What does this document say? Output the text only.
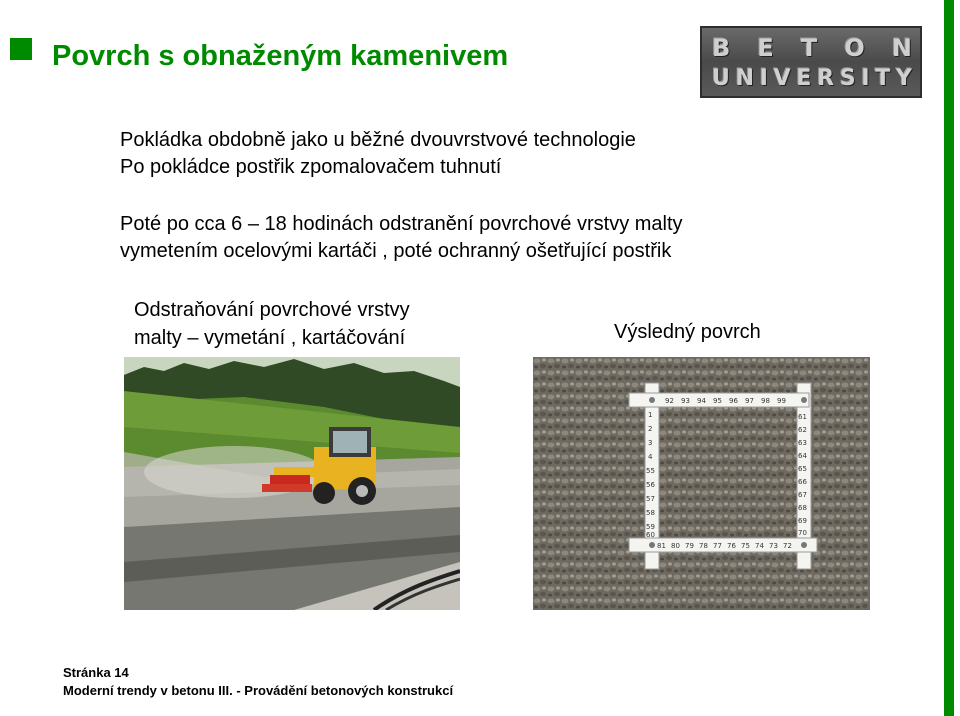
Povrch s obnaženým kamenivem	B E T O N
U N I V E R S I T Y
Pokládka obdobně jako u běžné dvouvrstvové technologie
Po pokládce postřik zpomalovačem tuhnutí
Poté po cca 6 – 18 hodinách odstranění povrchové vrstvy malty
vymetením ocelovými kartáči , poté ochranný ošetřující postřik
Odstraňování povrchové vrstvy
malty – vymetání , kartáčování	Výsledný povrch
92 93 94 95 96 97 98 99
81 80 79 78 77 76 75 74 73 72
1
2
3
4
55
56
57
58
59
60
61
62
63
64
65
66
67
68
69
70
Stránka 14
Moderní trendy v betonu III. - Provádění betonových konstrukcí
